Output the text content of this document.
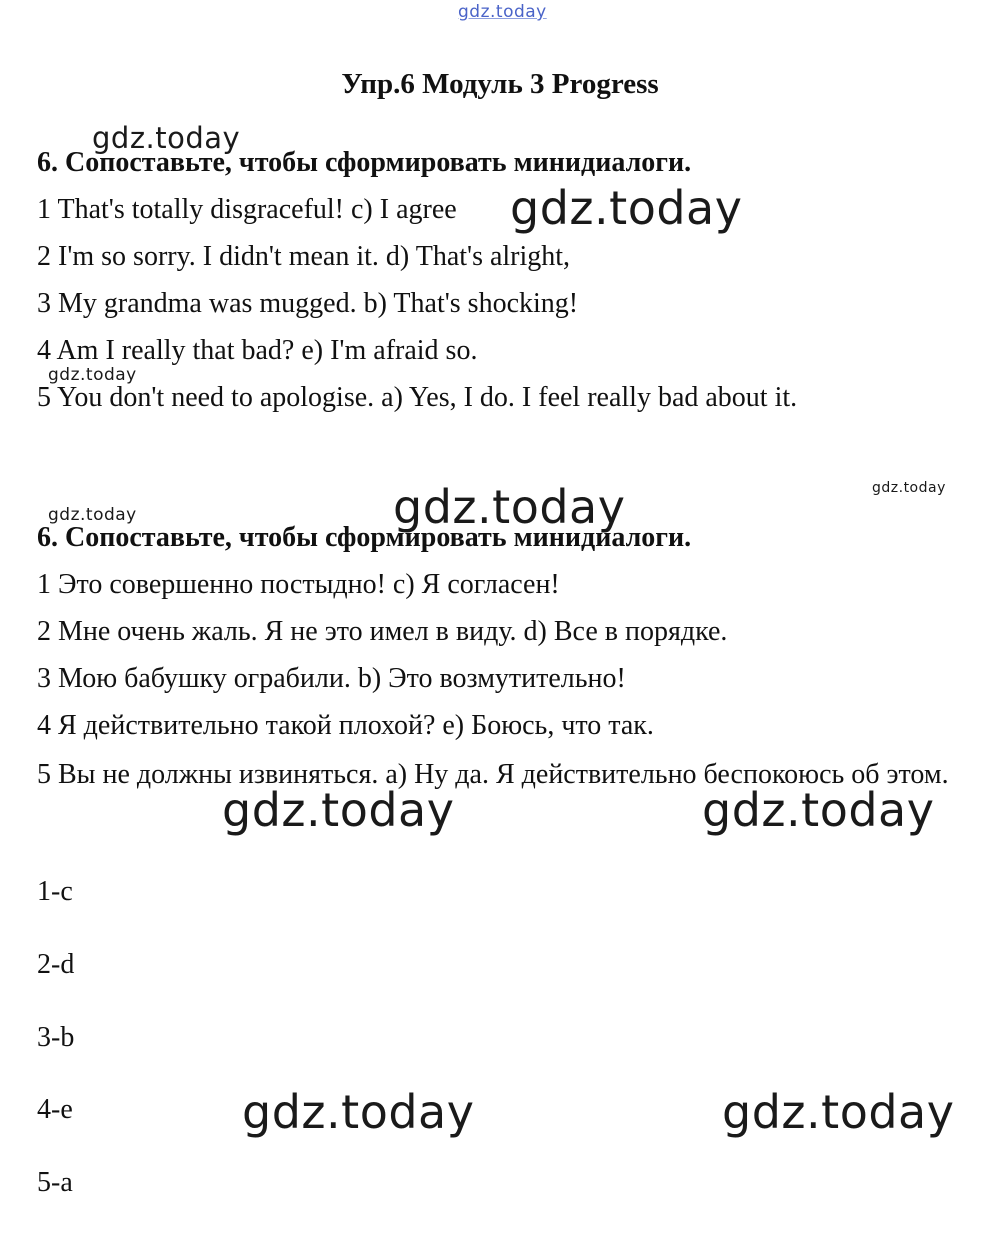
gdz.today
gdz.today
gdz.today
gdz.today
gdz.today
gdz.today
gdz.today
gdz.today	gdz.today
gdz.today	gdz.today
Упр.6 Модуль 3 Progress
6. Сопоставьте, чтобы сформировать минидиалоги.
1 That's totally disgraceful! c) I agree
2 I'm so sorry. I didn't mean it. d) That's alright,
3 My grandma was mugged. b) That's shocking!
4 Am I really that bad? e) I'm afraid so.
5 You don't need to apologise. a) Yes, I do. I feel really bad about it.
6. Сопоставьте, чтобы сформировать минидиалоги.
1 Это совершенно постыдно! c) Я согласен!
2 Мне очень жаль. Я не это имел в виду. d) Все в порядке.
3 Мою бабушку ограбили. b) Это возмутительно!
4 Я действительно такой плохой? e) Боюсь, что так.
5 Вы не должны извиняться. a) Ну да. Я действительно беспокоюсь об этом.
1-c
2-d
3-b
4-e
5-a
